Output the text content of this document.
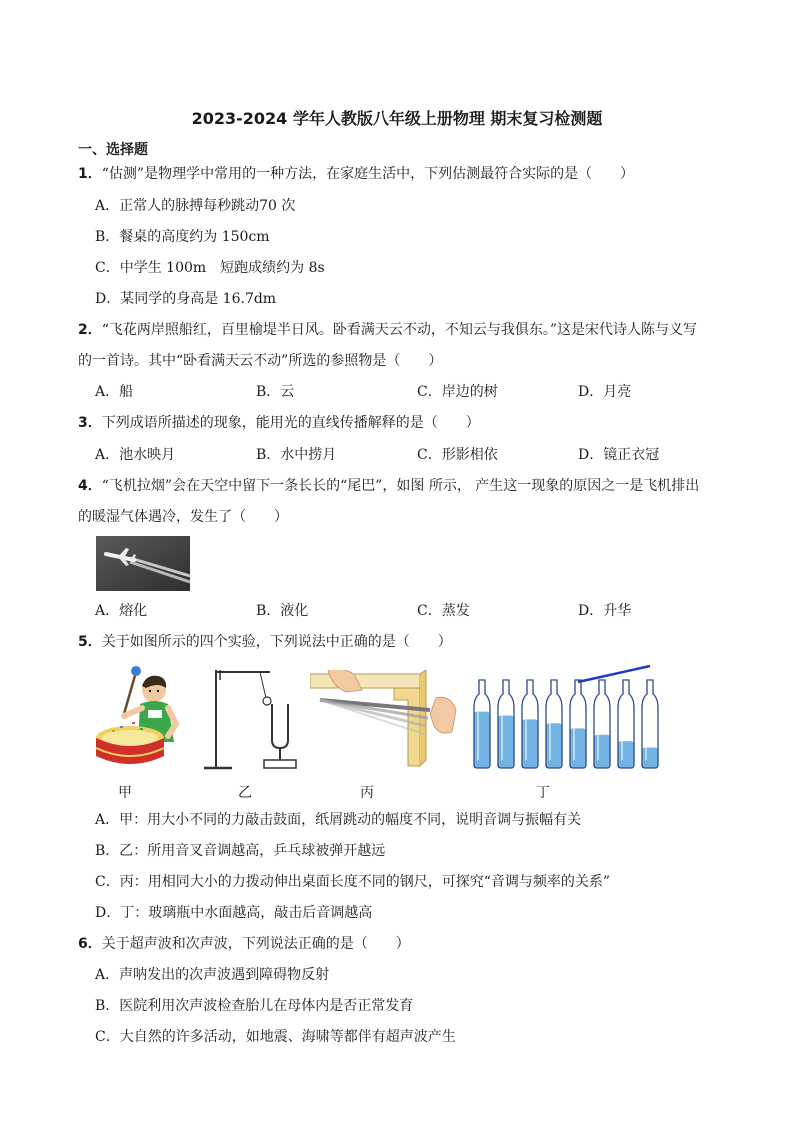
2023-2024 学年人教版八年级上册物理 期末复习检测题
一、选择题
1．“估测”是物理学中常用的一种方法，在家庭生活中，下列估测最符合实际的是（　　）
A．正常人的脉搏每秒跳动70 次
B．餐桌的高度约为 150cm
C．中学生 100m　短跑成绩约为 8s
D．某同学的身高是 16.7dm
2．“飞花两岸照船红，百里榆堤半日风。卧看满天云不动，不知云与我俱东。”这是宋代诗人陈与义写
的一首诗。其中“卧看满天云不动”所选的参照物是（　　）
A．船	B．云	C．岸边的树	D．月亮
3．下列成语所描述的现象，能用光的直线传播解释的是（　　）
A．池水映月	B．水中捞月	C．形影相依	D．镜正衣冠
4．“飞机拉烟”会在天空中留下一条长长的“尾巴”，如图 所示， 产生这一现象的原因之一是飞机排出
的暖湿气体遇冷，发生了（　　）
A．熔化	B．液化	C．蒸发	D．升华
5．关于如图所示的四个实验，下列说法中正确的是（　　）
甲	乙	丙	丁
A．甲：用大小不同的力敲击鼓面，纸屑跳动的幅度不同，说明音调与振幅有关
B．乙：所用音叉音调越高，乒乓球被弹开越远
C．丙：用相同大小的力拨动伸出桌面长度不同的钢尺，可探究“音调与频率的关系”
D．丁：玻璃瓶中水面越高，敲击后音调越高
6．关于超声波和次声波，下列说法正确的是（　　）
A．声呐发出的次声波遇到障碍物反射
B．医院利用次声波检查胎儿在母体内是否正常发育
C．大自然的许多活动，如地震、海啸等都伴有超声波产生
